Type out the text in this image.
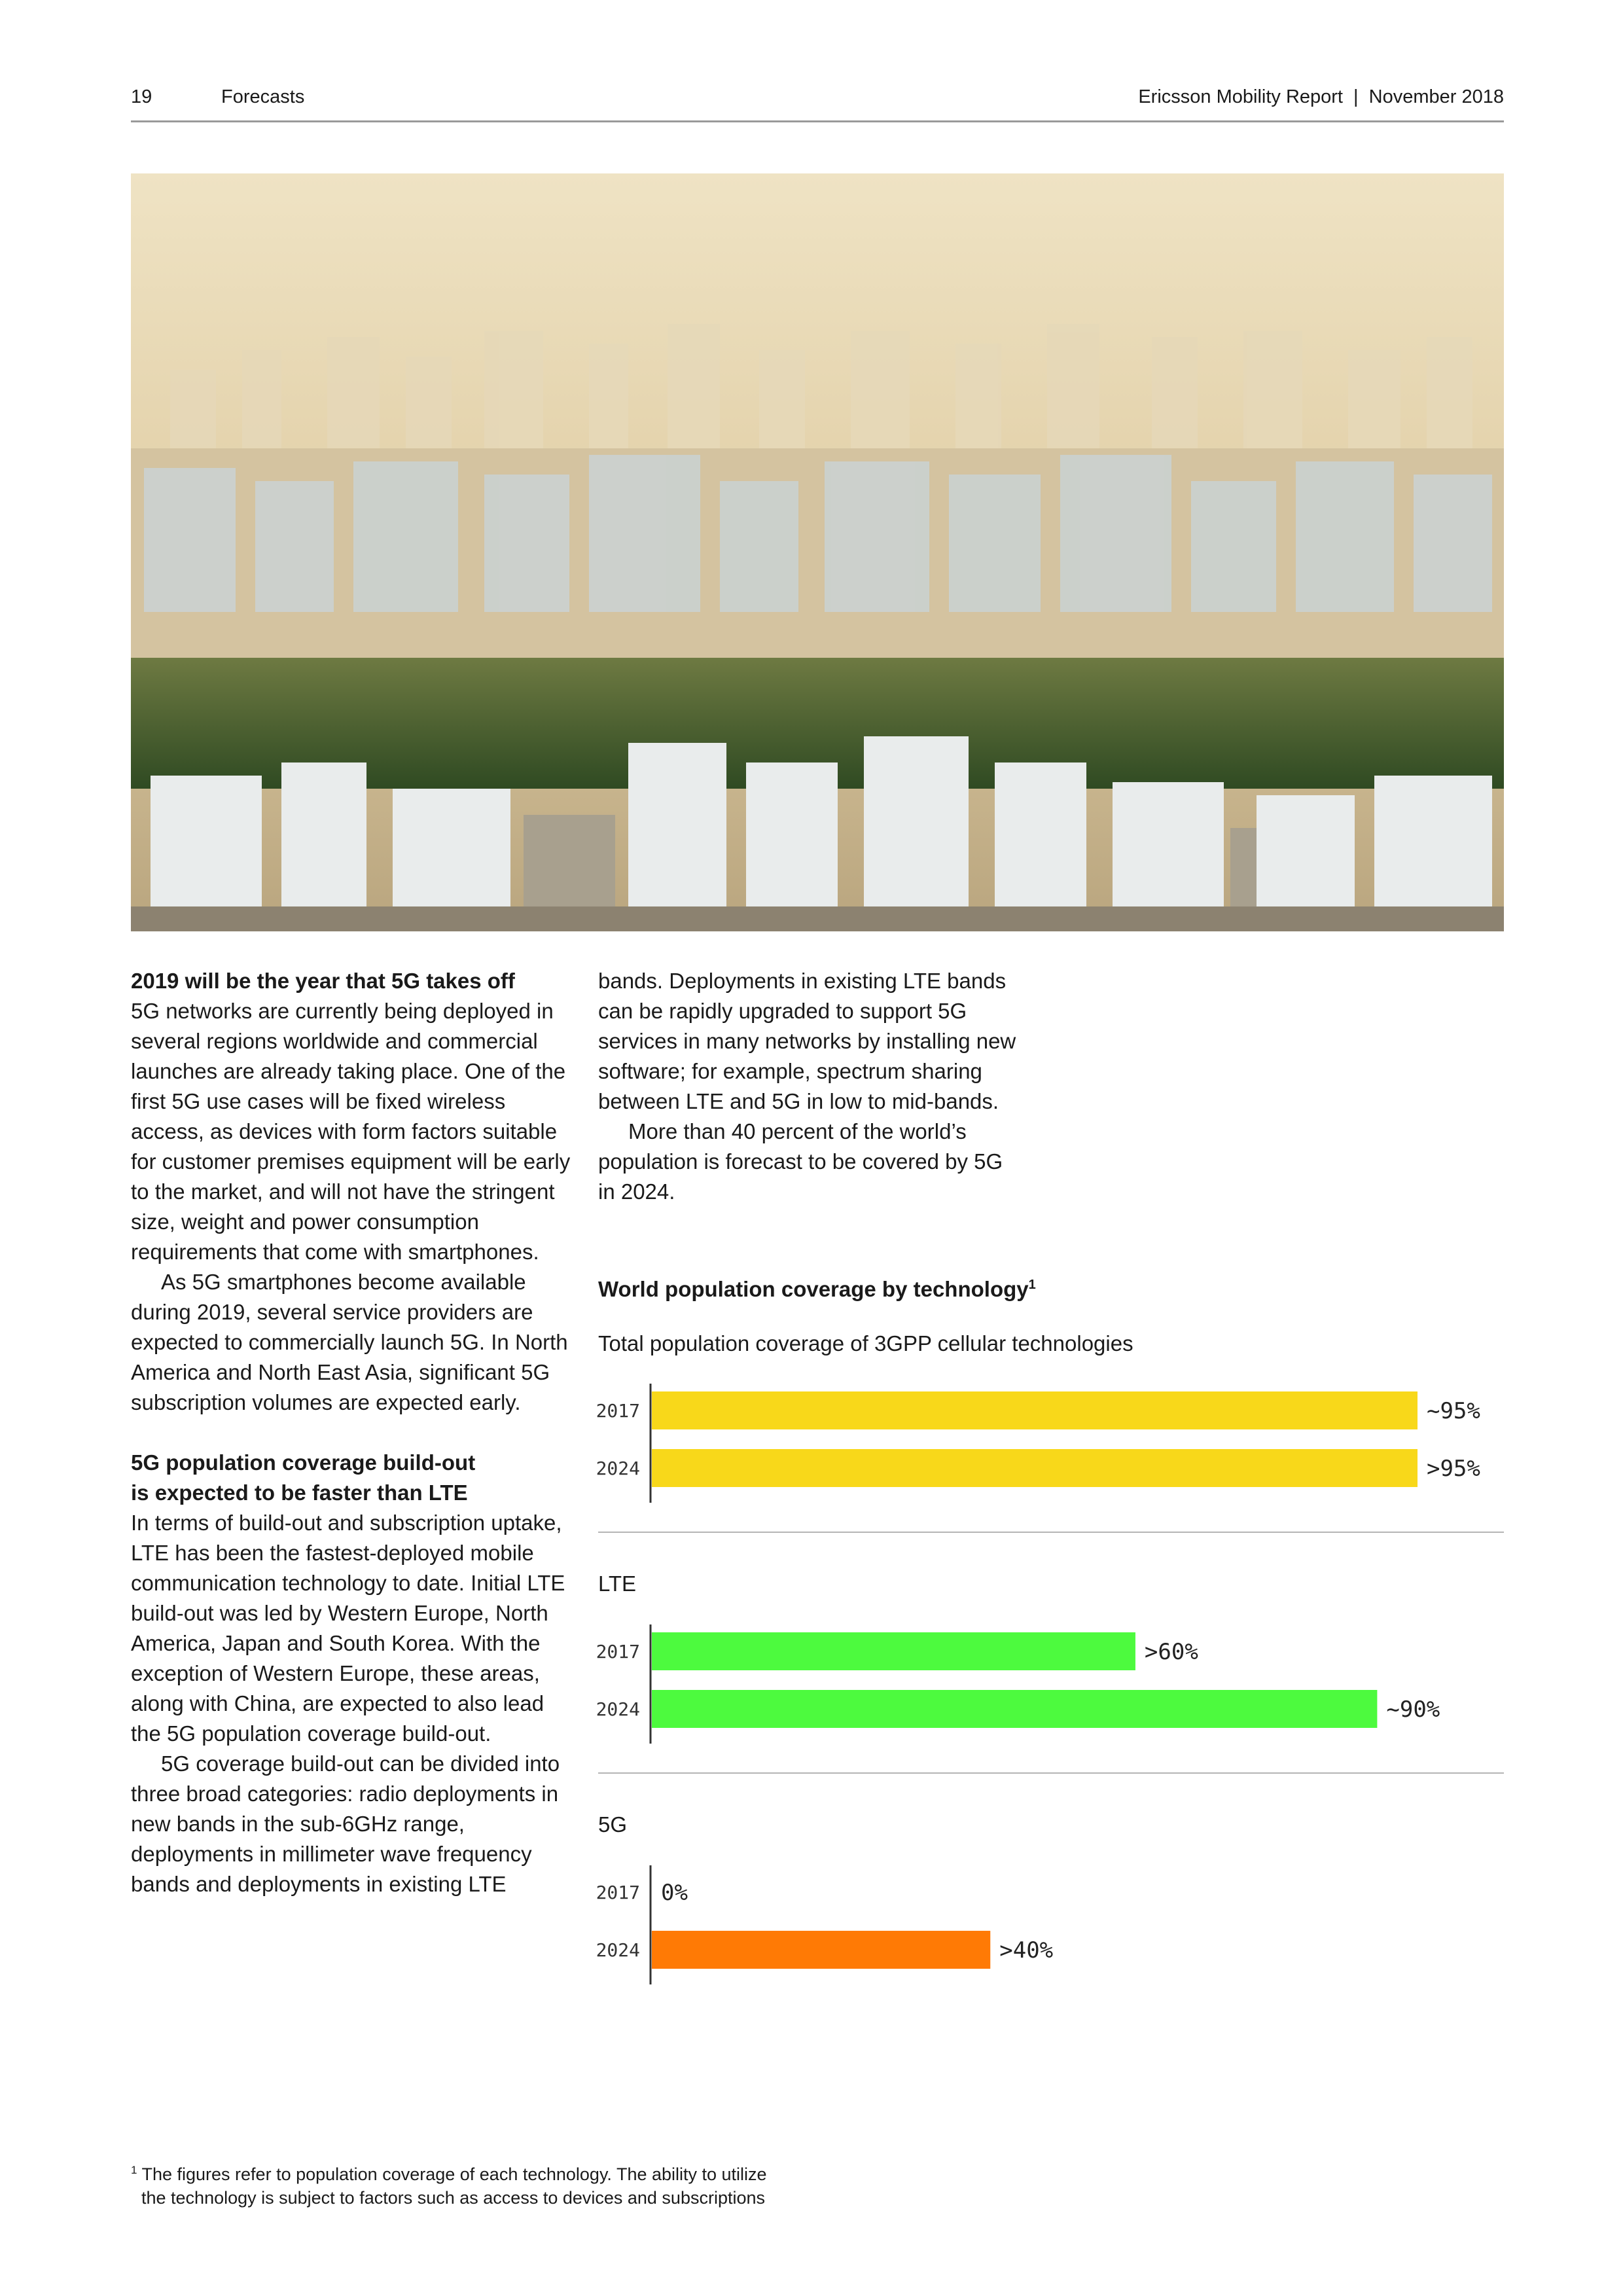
19	Forecasts	Ericsson Mobility Report | November 2018

2019 will be the year that 5G takes off

5G networks are currently being deployed in several regions worldwide and commercial launches are already taking place. One of the first 5G use cases will be fixed wireless access, as devices with form factors suitable for customer premises equipment will be early to the market, and will not have the stringent size, weight and power consumption requirements that come with smartphones.

As 5G smartphones become available during 2019, several service providers are expected to commercially launch 5G. In North America and North East Asia, significant 5G subscription volumes are expected early.

5G population coverage build-out

is expected to be faster than LTE

In terms of build-out and subscription uptake, LTE has been the fastest-deployed mobile communication technology to date. Initial LTE build-out was led by Western Europe, North America, Japan and South Korea. With the exception of Western Europe, these areas, along with China, are expected to also lead the 5G population coverage build-out.

5G coverage build-out can be divided into three broad categories: radio deployments in new bands in the sub-6GHz range, deployments in millimeter wave frequency bands and deployments in existing LTE

bands. Deployments in existing LTE bands can be rapidly upgraded to support 5G services in many networks by installing new software; for example, spectrum sharing between LTE and 5G in low to mid-bands.

More than 40 percent of the world’s population is forecast to be covered by 5G in 2024.

World population coverage by technology$^1$
Total population coverage of 3GPP cellular technologies
LTE
5G
2017	~95%
2024	>95%
2017	>60%
2024	~90%
2017 0%
2024	>40%
$^1$ The figures refer to population coverage of each technology. The ability to utilize
the technology is subject to factors such as access to devices and subscriptions
